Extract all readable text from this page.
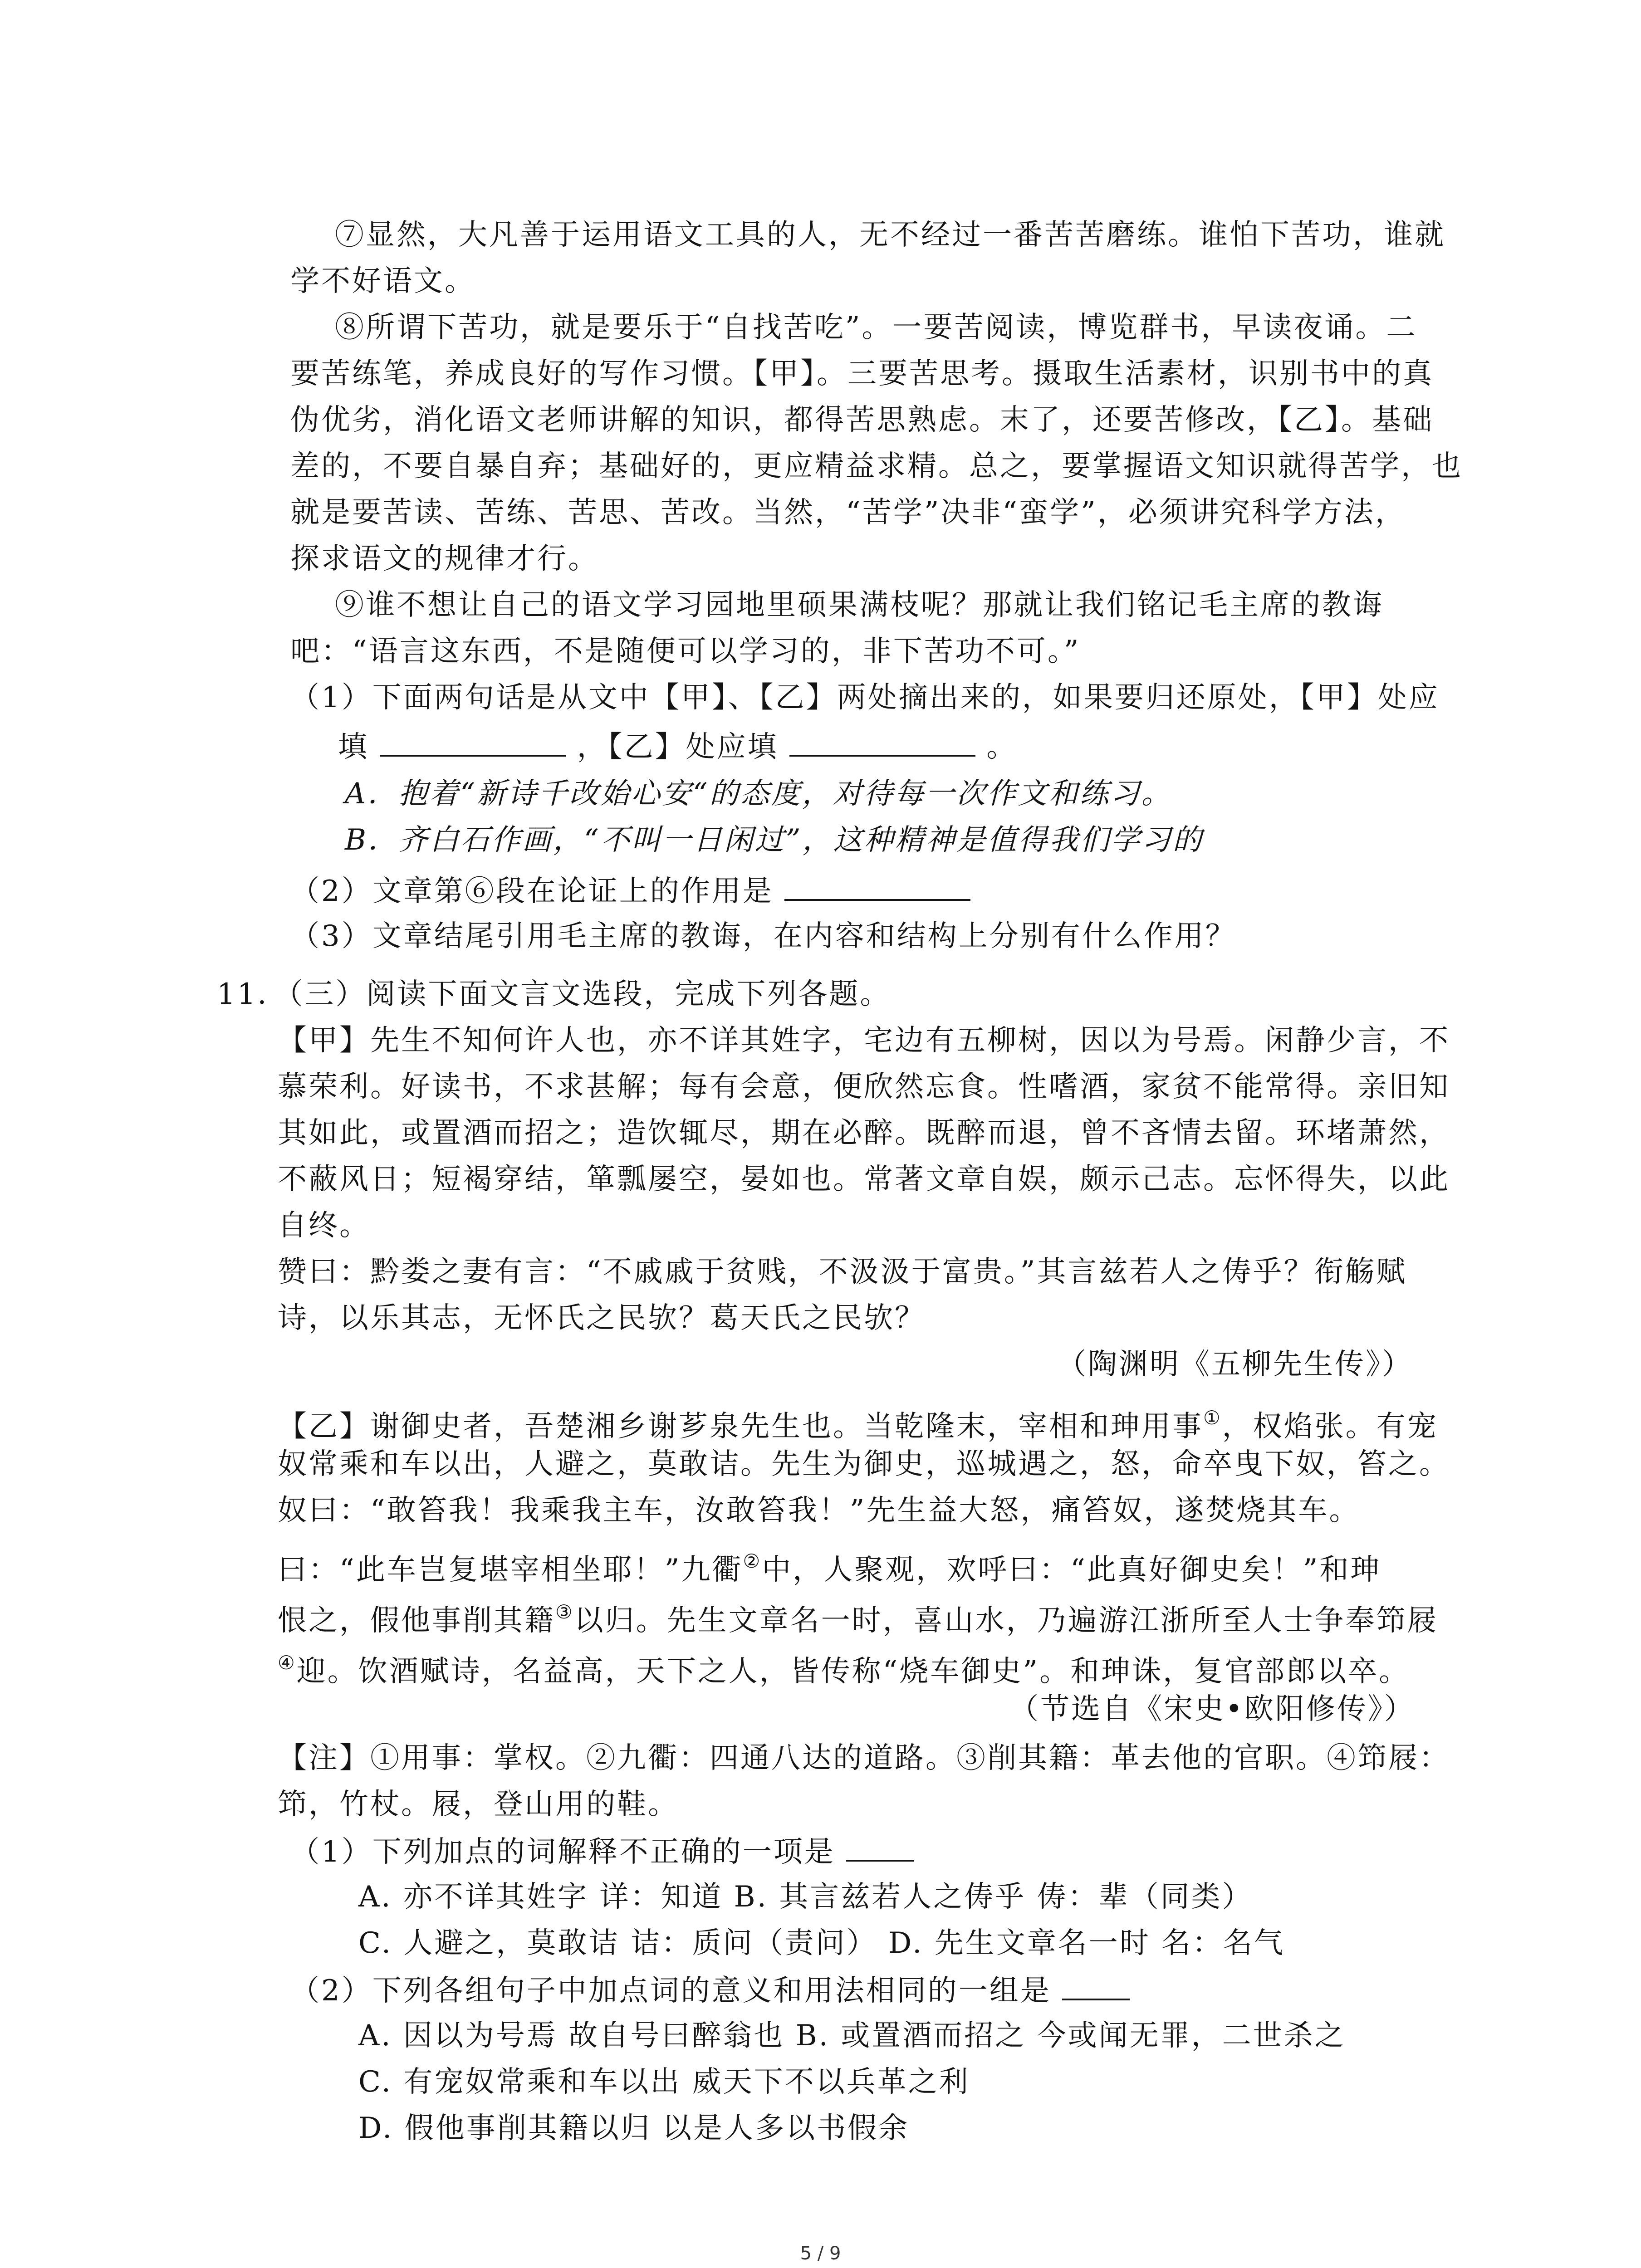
⑦显然，大凡善于运用语文工具的人，无不经过一番苦苦磨练。谁怕下苦功，谁就
学不好语文。
⑧所谓下苦功，就是要乐于“自找苦吃”。一要苦阅读，博览群书，早读夜诵。二
要苦练笔，养成良好的写作习惯。【甲】。三要苦思考。摄取生活素材，识别书中的真
伪优劣，消化语文老师讲解的知识，都得苦思熟虑。末了，还要苦修改，【乙】。基础
差的，不要自暴自弃；基础好的，更应精益求精。总之，要掌握语文知识就得苦学，也
就是要苦读、苦练、苦思、苦改。当然，“苦学”决非“蛮学”，必须讲究科学方法，
探求语文的规律才行。
⑨谁不想让自己的语文学习园地里硕果满枝呢？那就让我们铭记毛主席的教诲
吧：“语言这东西，不是随便可以学习的，非下苦功不可。”
（1）下面两句话是从文中【甲】、【乙】两处摘出来的，如果要归还原处，【甲】处应
填	，【乙】处应填	。
A．抱着“新诗千改始心安“的态度，对待每一次作文和练习。
B．齐白石作画，“不叫一日闲过”，这种精神是值得我们学习的
（2）文章第⑥段在论证上的作用是
（3）文章结尾引用毛主席的教诲，在内容和结构上分别有什么作用？
11．（三）阅读下面文言文选段，完成下列各题。
【甲】先生不知何许人也，亦不详其姓字，宅边有五柳树，因以为号焉。闲静少言，不
慕荣利。好读书，不求甚解；每有会意，便欣然忘食。性嗜酒，家贫不能常得。亲旧知
其如此，或置酒而招之；造饮辄尽，期在必醉。既醉而退，曾不吝情去留。环堵萧然，
不蔽风日；短褐穿结，箪瓢屡空，晏如也。常著文章自娱，颇示己志。忘怀得失，以此
自终。
赞曰：黔娄之妻有言：“不戚戚于贫贱，不汲汲于富贵。”其言兹若人之俦乎？衔觞赋
诗，以乐其志，无怀氏之民欤？葛天氏之民欤？
（陶渊明《五柳先生传》）
【乙】谢御史者，吾楚湘乡谢芗泉先生也。当乾隆末，宰相和珅用事①，权焰张。有宠
奴常乘和车以出，人避之，莫敢诘。先生为御史，巡城遇之，怒，命卒曳下奴，笞之。
奴曰：“敢笞我！我乘我主车，汝敢笞我！”先生益大怒，痛笞奴，遂焚烧其车。
曰：“此车岂复堪宰相坐耶！”九衢②中，人聚观，欢呼曰：“此真好御史矣！”和珅
恨之，假他事削其籍③以归。先生文章名一时，喜山水，乃遍游江浙所至人士争奉笻屐
④迎。饮酒赋诗，名益高，天下之人，皆传称“烧车御史”。和珅诛，复官部郎以卒。
（节选自《宋史•欧阳修传》）
【注】①用事：掌权。②九衢：四通八达的道路。③削其籍：革去他的官职。④笻屐：
笻，竹杖。屐，登山用的鞋。
（1）下列加点的词解释不正确的一项是
A. 亦不详其姓字 详：知道 B. 其言兹若人之俦乎 俦：辈（同类）
C. 人避之，莫敢诘 诘：质问（责问） D. 先生文章名一时 名：名气
（2）下列各组句子中加点词的意义和用法相同的一组是
A. 因以为号焉 故自号曰醉翁也 B. 或置酒而招之 今或闻无罪，二世杀之
C. 有宠奴常乘和车以出 威天下不以兵革之利
D. 假他事削其籍以归 以是人多以书假余
5 / 9
